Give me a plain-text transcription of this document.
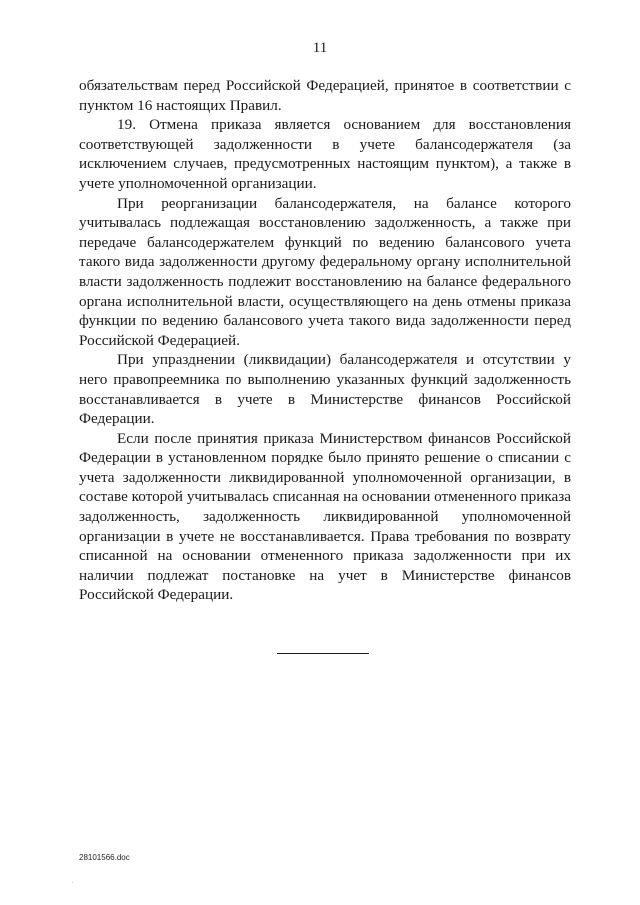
11

обязательствам перед Российской Федерацией, принятое в соответствии с пунктом 16 настоящих Правил.

19. Отмена приказа является основанием для восстановления соответствующей задолженности в учете балансодержателя (за исключением случаев, предусмотренных настоящим пунктом), а также в учете уполномоченной организации.

При реорганизации балансодержателя, на балансе которого учитывалась подлежащая восстановлению задолженность, а также при передаче балансодержателем функций по ведению балансового учета такого вида задолженности другому федеральному органу исполнительной власти задолженность подлежит восстановлению на балансе федерального органа исполнительной власти, осуществляющего на день отмены приказа функции по ведению балансового учета такого вида задолженности перед Российской Федерацией.

При упразднении (ликвидации) балансодержателя и отсутствии у него правопреемника по выполнению указанных функций задолженность восстанавливается в учете в Министерстве финансов Российской Федерации.

Если после принятия приказа Министерством финансов Российской Федерации в установленном порядке было принято решение о списании с учета задолженности ликвидированной уполномоченной организации, в составе которой учитывалась списанная на основании отмененного приказа задолженность, задолженность ликвидированной уполномоченной организации в учете не восстанавливается. Права требования по возврату списанной на основании отмененного приказа задолженности при их наличии подлежат постановке на учет в Министерстве финансов Российской Федерации.

28101566.doc
.
